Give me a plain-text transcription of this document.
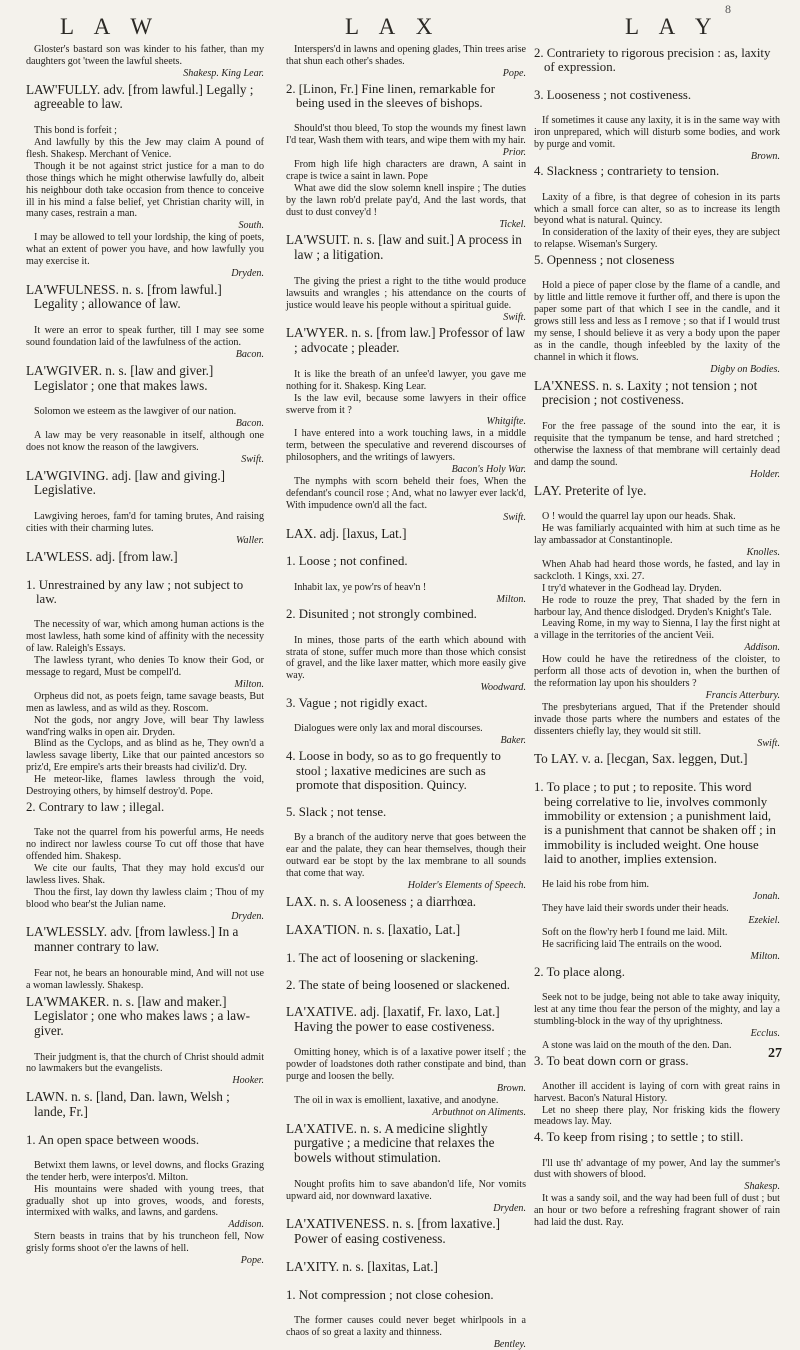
L A W	L A X	L A Y
8

Gloster's bastard son was kinder to his father, than my daughters got 'tween the lawful sheets.

Shakesp. King Lear.

LAW'FULLY. adv. [from lawful.] Legally ; agreeable to law.

This bond is forfeit ;

And lawfully by this the Jew may claim A pound of flesh. Shakesp. Merchant of Venice.

Though it be not against strict justice for a man to do those things which he might otherwise lawfully do, albeit his neighbour doth take occasion from thence to conceive ill in his mind a false belief, yet Christian charity will, in many cases, restrain a man.

South.

I may be allowed to tell your lordship, the king of poets, what an extent of power you have, and how lawfully you may exercise it.

Dryden.

LA'WFULNESS. n. s. [from lawful.] Legality ; allowance of law.

It were an error to speak further, till I may see some sound foundation laid of the lawfulness of the action.

Bacon.

LA'WGIVER. n. s. [law and giver.] Legislator ; one that makes laws.

Solomon we esteem as the lawgiver of our nation.

Bacon.

A law may be very reasonable in itself, although one does not know the reason of the lawgivers.

Swift.

LA'WGIVING. adj. [law and giving.] Legislative.

Lawgiving heroes, fam'd for taming brutes, And raising cities with their charming lutes.

Waller.

LA'WLESS. adj. [from law.]

1. Unrestrained by any law ; not subject to law.

The necessity of war, which among human actions is the most lawless, hath some kind of affinity with the necessity of law. Raleigh's Essays.

The lawless tyrant, who denies To know their God, or message to regard, Must be compell'd.

Milton.

Orpheus did not, as poets feign, tame savage beasts, But men as lawless, and as wild as they. Roscom.

Not the gods, nor angry Jove, will bear Thy lawless wand'ring walks in open air. Dryden.

Blind as the Cyclops, and as blind as he, They own'd a lawless savage liberty, Like that our painted ancestors so priz'd, Ere empire's arts their breasts had civiliz'd. Dry.

He meteor-like, flames lawless through the void, Destroying others, by himself destroy'd. Pope.

2. Contrary to law ; illegal.

Take not the quarrel from his powerful arms, He needs no indirect nor lawless course To cut off those that have offended him. Shakesp.

We cite our faults, That they may hold excus'd our lawless lives. Shak.

Thou the first, lay down thy lawless claim ; Thou of my blood who bear'st the Julian name.

Dryden.

LA'WLESSLY. adv. [from lawless.] In a manner contrary to law.

Fear not, he bears an honourable mind, And will not use a woman lawlessly. Shakesp.

LA'WMAKER. n. s. [law and maker.] Legislator ; one who makes laws ; a law-giver.

Their judgment is, that the church of Christ should admit no lawmakers but the evangelists.

Hooker.

LAWN. n. s. [land, Dan. lawn, Welsh ; lande, Fr.]

1. An open space between woods.

Betwixt them lawns, or level downs, and flocks Grazing the tender herb, were interpos'd. Milton.

His mountains were shaded with young trees, that gradually shot up into groves, woods, and forests, intermixed with walks, and lawns, and gardens.

Addison.

Stern beasts in trains that by his truncheon fell, Now grisly forms shoot o'er the lawns of hell.

Pope.

Interspers'd in lawns and opening glades, Thin trees arise that shun each other's shades.

Pope.

2. [Linon, Fr.] Fine linen, remarkable for being used in the sleeves of bishops.

Should'st thou bleed, To stop the wounds my finest lawn I'd tear, Wash them with tears, and wipe them with my hair.

Prior.

From high life high characters are drawn, A saint in crape is twice a saint in lawn. Pope

What awe did the slow solemn knell inspire ; The duties by the lawn rob'd prelate pay'd, And the last words, that dust to dust convey'd !

Tickel.

LA'WSUIT. n. s. [law and suit.] A process in law ; a litigation.

The giving the priest a right to the tithe would produce lawsuits and wrangles ; his attendance on the courts of justice would leave his people without a spiritual guide.

Swift.

LA'WYER. n. s. [from law.] Professor of law ; advocate ; pleader.

It is like the breath of an unfee'd lawyer, you gave me nothing for it. Shakesp. King Lear.

Is the law evil, because some lawyers in their office swerve from it ?

Whitgifte.

I have entered into a work touching laws, in a middle term, between the speculative and reverend discourses of philosophers, and the writings of lawyers.

Bacon's Holy War.

The nymphs with scorn beheld their foes, When the defendant's council rose ; And, what no lawyer ever lack'd, With impudence own'd all the fact.

Swift.

LAX. adj. [laxus, Lat.]

1. Loose ; not confined.

Inhabit lax, ye pow'rs of heav'n !

Milton.

2. Disunited ; not strongly combined.

In mines, those parts of the earth which abound with strata of stone, suffer much more than those which consist of gravel, and the like laxer matter, which more easily give way.

Woodward.

3. Vague ; not rigidly exact.

Dialogues were only lax and moral discourses.

Baker.

4. Loose in body, so as to go frequently to stool ; laxative medicines are such as promote that disposition. Quincy.

5. Slack ; not tense.

By a branch of the auditory nerve that goes between the ear and the palate, they can hear themselves, though their outward ear be stopt by the lax membrane to all sounds that come that way.

Holder's Elements of Speech.

LAX. n. s. A looseness ; a diarrhœa.

LAXA'TION. n. s. [laxatio, Lat.]

1. The act of loosening or slackening.

2. The state of being loosened or slackened.

LA'XATIVE. adj. [laxatif, Fr. laxo, Lat.] Having the power to ease costiveness.

Omitting honey, which is of a laxative power itself ; the powder of loadstones doth rather constipate and bind, than purge and loosen the belly.

Brown.

The oil in wax is emollient, laxative, and anodyne.

Arbuthnot on Aliments.

LA'XATIVE. n. s. A medicine slightly purgative ; a medicine that relaxes the bowels without stimulation.

Nought profits him to save abandon'd life, Nor vomits upward aid, nor downward laxative.

Dryden.

LA'XATIVENESS. n. s. [from laxative.] Power of easing costiveness.

LA'XITY. n. s. [laxitas, Lat.]

1. Not compression ; not close cohesion.

The former causes could never beget whirlpools in a chaos of so great a laxity and thinness.

Bentley.

2. Contrariety to rigorous precision : as, laxity of expression.

3. Looseness ; not costiveness.

If sometimes it cause any laxity, it is in the same way with iron unprepared, which will disturb some bodies, and work by purge and vomit.

Brown.

4. Slackness ; contrariety to tension.

Laxity of a fibre, is that degree of cohesion in its parts which a small force can alter, so as to increase its length beyond what is natural. Quincy.

In consideration of the laxity of their eyes, they are subject to relapse. Wiseman's Surgery.

5. Openness ; not closeness

Hold a piece of paper close by the flame of a candle, and by little and little remove it further off, and there is upon the paper some part of that which I see in the candle, and it grows still less and less as I remove ; so that if I would trust my sense, I should believe it as very a body upon the paper as in the candle, though infeebled by the laxity of the channel in which it flows.

Digby on Bodies.

LA'XNESS. n. s. Laxity ; not tension ; not precision ; not costiveness.

For the free passage of the sound into the ear, it is requisite that the tympanum be tense, and hard stretched ; otherwise the laxness of that membrane will certainly dead and damp the sound.

Holder.

LAY. Preterite of lye.

O ! would the quarrel lay upon our heads. Shak.

He was familiarly acquainted with him at such time as he lay ambassador at Constantinople.

Knolles.

When Ahab had heard those words, he fasted, and lay in sackcloth. 1 Kings, xxi. 27.

I try'd whatever in the Godhead lay. Dryden.

He rode to rouze the prey, That shaded by the fern in harbour lay, And thence dislodged. Dryden's Knight's Tale.

Leaving Rome, in my way to Sienna, I lay the first night at a village in the territories of the ancient Veii.

Addison.

How could he have the retiredness of the cloister, to perform all those acts of devotion in, when the burthen of the reformation lay upon his shoulders ?

Francis Atterbury.

The presbyterians argued, That if the Pretender should invade those parts where the numbers and estates of the dissenters chiefly lay, they would sit still.

Swift.

To LAY. v. a. [lecgan, Sax. leggen, Dut.]

1. To place ; to put ; to reposite. This word being correlative to lie, involves commonly immobility or extension ; a punishment laid, is a punishment that cannot be shaken off ; in immobility is included weight. One house laid to another, implies extension.

He laid his robe from him.

Jonah.

They have laid their swords under their heads.

Ezekiel.

Soft on the flow'ry herb I found me laid. Milt.

He sacrificing laid The entrails on the wood.

Milton.

2. To place along.

Seek not to be judge, being not able to take away iniquity, lest at any time thou fear the person of the mighty, and lay a stumbling-block in the way of thy uprightness.

Ecclus.

A stone was laid on the mouth of the den. Dan.

3. To beat down corn or grass.

Another ill accident is laying of corn with great rains in harvest. Bacon's Natural History.

Let no sheep there play, Nor frisking kids the flowery meadows lay. May.

4. To keep from rising ; to settle ; to still.

I'll use th' advantage of my power, And lay the summer's dust with showers of blood.

Shakesp.

It was a sandy soil, and the way had been full of dust ; but an hour or two before a refreshing fragrant shower of rain had laid the dust. Ray.

27
